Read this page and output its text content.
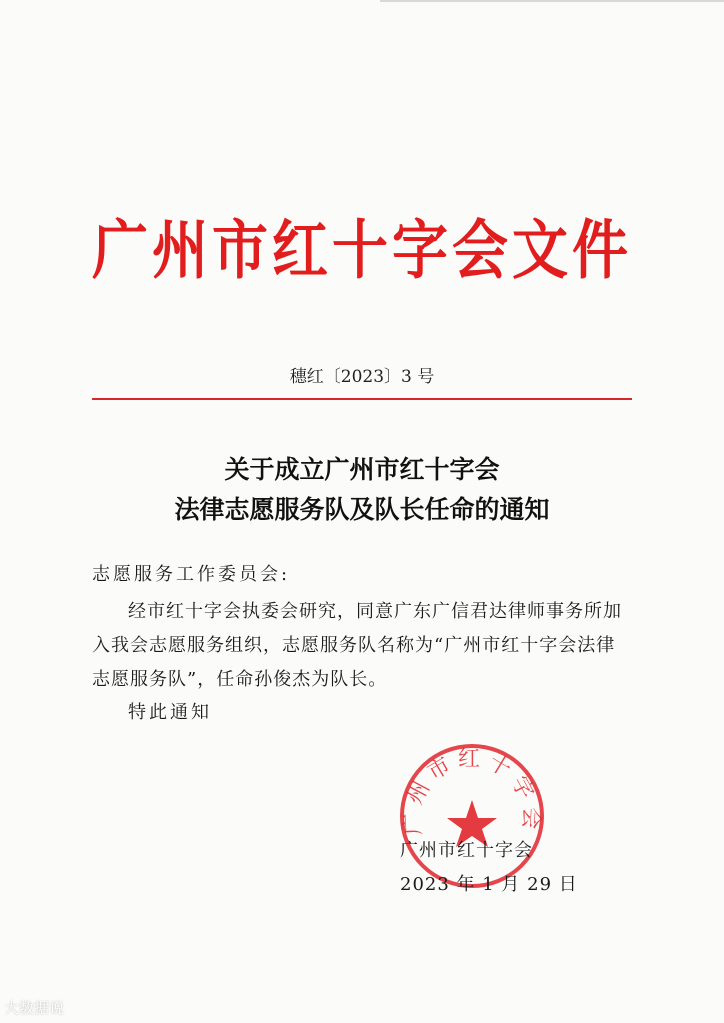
广州市红十字会文件
穗红〔2023〕3 号
关于成立广州市红十字会
法律志愿服务队及队长任命的通知
志愿服务工作委员会:
经市红十字会执委会研究，同意广东广信君达律师事务所加
入我会志愿服务组织，志愿服务队名称为“广州市红十字会法律
志愿服务队”，任命孙俊杰为队长。
特此通知
广州市红十字会
广州市红十字会
2023 年 1 月 29 日
大数据说
